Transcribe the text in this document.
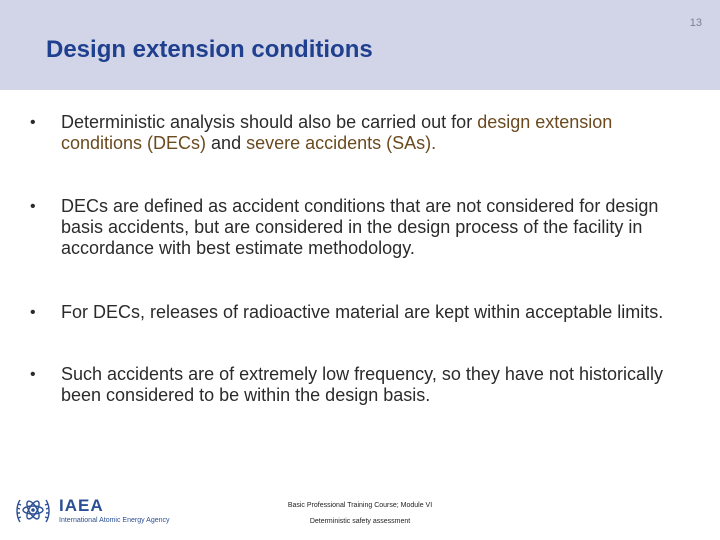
13
Design extension conditions
• Deterministic analysis should also be carried out for design extension conditions (DECs) and severe accidents (SAs).
• DECs are defined as accident conditions that are not considered for design basis accidents, but are considered in the design process of the facility in accordance with best estimate methodology.
• For DECs, releases of radioactive material are kept within acceptable limits.
• Such accidents are of extremely low frequency, so they have not historically been considered to be within the design basis.
IAEA
International Atomic Energy Agency
Basic Professional Training Course; Module VI
Deterministic safety assessment
